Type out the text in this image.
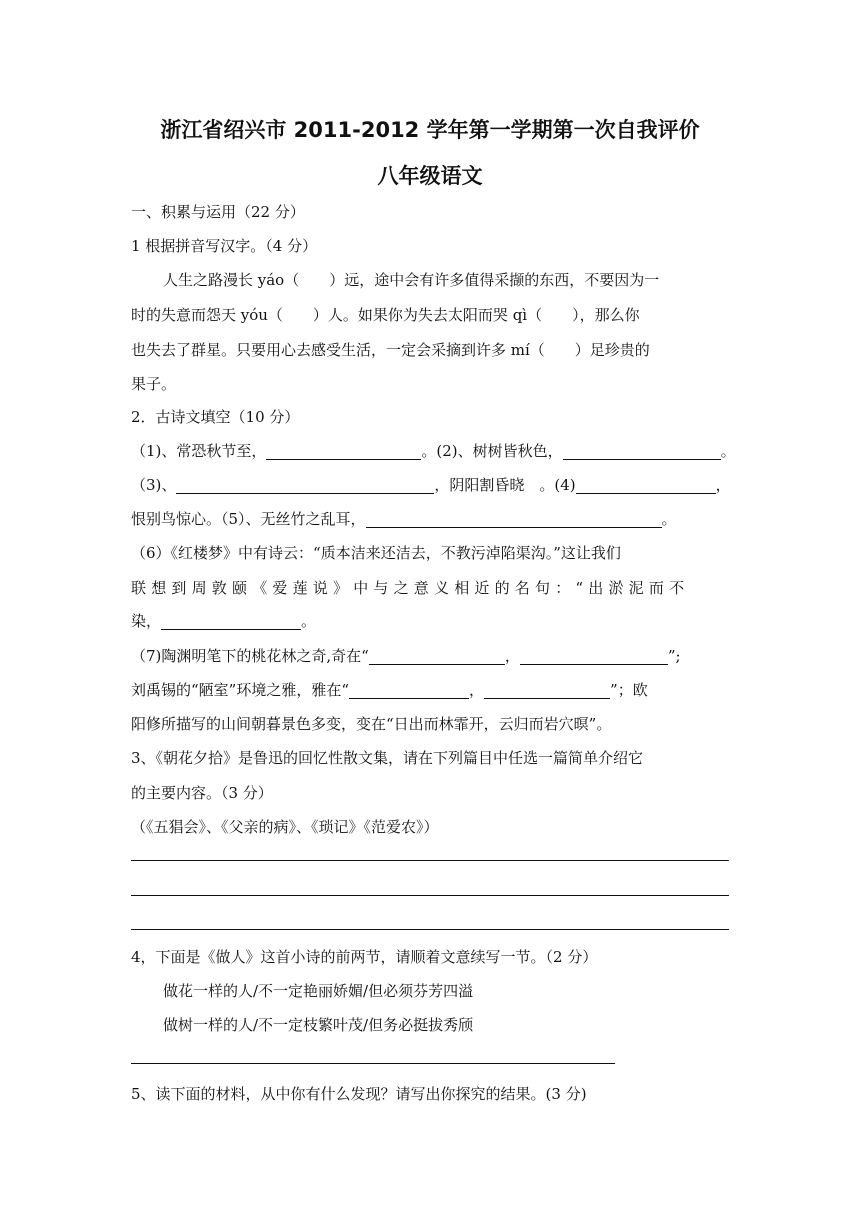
浙江省绍兴市 2011-2012 学年第一学期第一次自我评价
八年级语文
一、积累与运用（22 分）
1 根据拼音写汉字。（4 分）
人生之路漫长 yáo（　　）远，途中会有许多值得采撷的东西，不要因为一
时的失意而怨天 yóu（　　）人。如果你为失去太阳而哭 qì（　　），那么你
也失去了群星。只要用心去感受生活，一定会采摘到许多 mí（　　）足珍贵的
果子。
2．古诗文填空（10 分）
（1)、常恐秋节至，	。(2)、树树皆秋色，	。
（3)、	，阴阳割昏晓　。(4)	，
恨别鸟惊心。（5）、无丝竹之乱耳，	。
（6）《红楼梦》中有诗云：“质本洁来还洁去，不教污淖陷渠沟。”这让我们
联想到周敦颐《爱莲说》中与之意义相近的名句：“出淤泥而不
染，	。
（7)陶渊明笔下的桃花林之奇,奇在“	，	”;
刘禹锡的“陋室”环境之雅，雅在“	，	”；欧
阳修所描写的山间朝暮景色多变，变在“日出而林霏开，云归而岩穴暝”。
3、《朝花夕拾》是鲁迅的回忆性散文集，请在下列篇目中任选一篇简单介绍它
的主要内容。（3 分）
（《五猖会》、《父亲的病》、《琐记》《范爱农》）
4，下面是《做人》这首小诗的前两节，请顺着文意续写一节。（2 分）
做花一样的人/不一定艳丽娇媚/但必须芬芳四溢
做树一样的人/不一定枝繁叶茂/但务必挺拔秀颀
5、读下面的材料，从中你有什么发现？请写出你探究的结果。(3 分)
